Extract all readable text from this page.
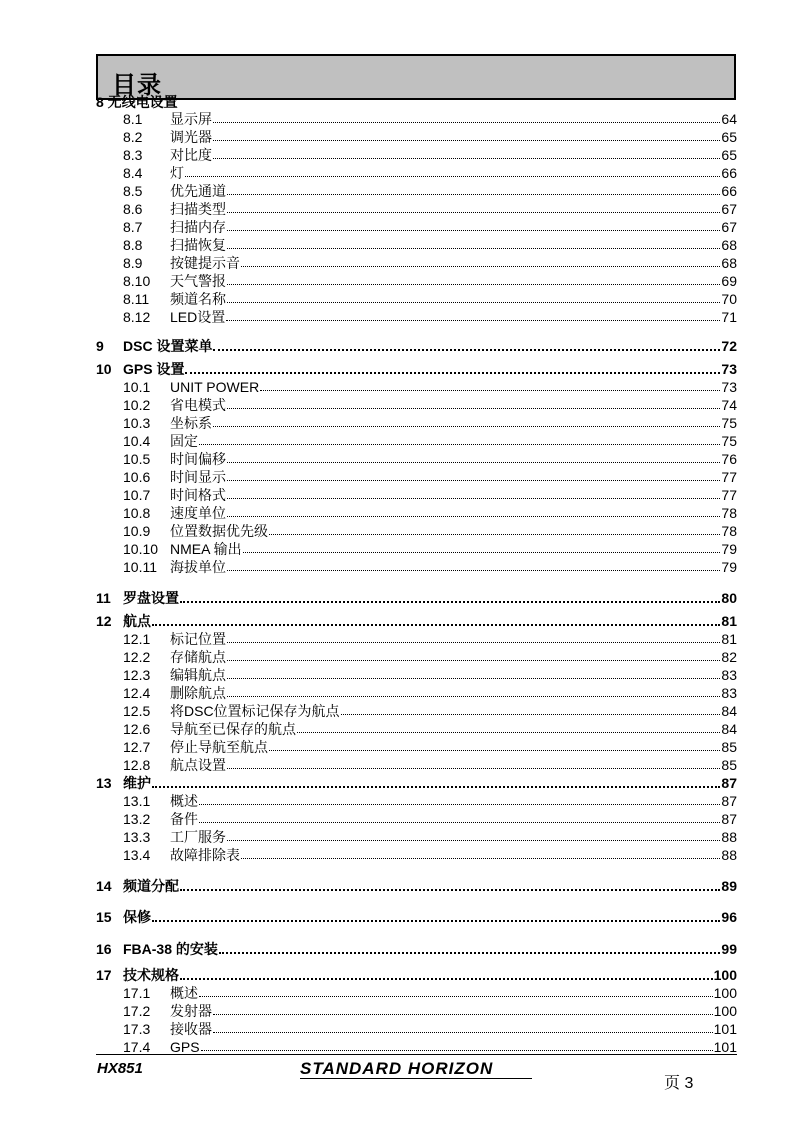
目录
8 无线电设置
8.1	显示屏	64
8.2	调光器	65
8.3	对比度	65
8.4	灯	66
8.5	优先通道	66
8.6	扫描类型	67
8.7	扫描内存	67
8.8	扫描恢复	68
8.9	按键提示音	68
8.10	天气警报	69
8.11	频道名称	70
8.12	LED设置	71
9	DSC 设置菜单	72
10 GPS 设置	73
10.1	UNIT POWER	73
10.2	省电模式	74
10.3	坐标系	75
10.4	固定	75
10.5	时间偏移	76
10.6	时间显示	77
10.7	时间格式	77
10.8	速度单位	78
10.9	位置数据优先级	78
10.10 NMEA 输出	79
10.11 海拔单位	79
11 罗盘设置	80
12 航点	81
12.1	标记位置	81
12.2	存储航点	82
12.3	编辑航点	83
12.4	删除航点	83
12.5	将DSC位置标记保存为航点	84
12.6	导航至已保存的航点	84
12.7	停止导航至航点	85
12.8	航点设置	85
13 维护	87
13.1	概述	87
13.2	备件	87
13.3	工厂服务	88
13.4	故障排除表	88
14 频道分配	89
15 保修	96
16 FBA-38 的安装	99
17 技术规格	100
17.1	概述	100
17.2	发射器	100
17.3	接收器	101
17.4	GPS	101
HX851	STANDARD HORIZON
页 3
